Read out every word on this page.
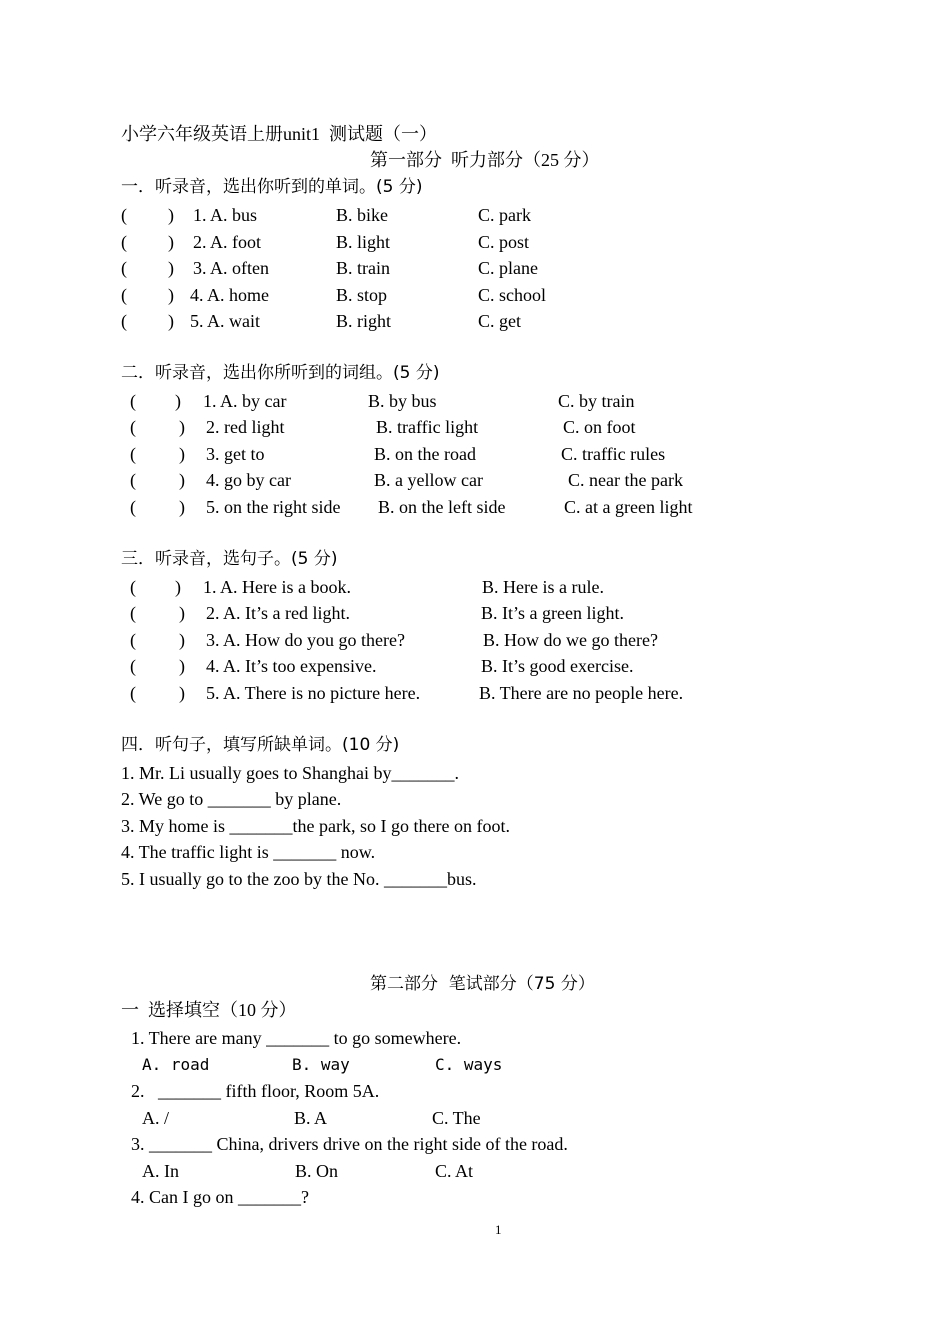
小学六年级英语上册unit1  测试题（一）
第一部分  听力部分（25 分）
一．听录音，选出你听到的单词。(5 分)
( ) 1. A. bus	B. bike	C. park
( ) 2. A. foot	B. light	C. post
( ) 3. A. often	B. train	C. plane
( ) 4. A. home	B. stop	C. school
( ) 5. A. wait	B. right	C. get
二．听录音，选出你所听到的词组。(5 分)
( ) 1. A. by car	B. by bus	C. by train
( ) 2. red light	B. traffic light	C. on foot
( ) 3. get to	B. on the road	C. traffic rules
( ) 4. go by car	B. a yellow car	C. near the park
( ) 5. on the right side B. on the left side	C. at a green light
三．听录音，选句子。(5 分)
( ) 1. A. Here is a book.	B. Here is a rule.
( ) 2. A. It’s a red light.	B. It’s a green light.
( ) 3. A. How do you go there?	B. How do we go there?
( ) 4. A. It’s too expensive.	B. It’s good exercise.
( ) 5. A. There is no picture here.	B. There are no people here.
四．听句子，填写所缺单词。(10 分)
1. Mr. Li usually goes to Shanghai by_______.
2. We go to _______ by plane.
3. My home is _______the park, so I go there on foot.
4. The traffic light is _______ now.
5. I usually go to the zoo by the No. _______bus.
第二部分  笔试部分（75 分）
一  选择填空（10 分）
1. There are many _______ to go somewhere.
A. road	B. way	C. ways
2.   _______ fifth floor, Room 5A.
A. /	B. A	C. The
3. _______ China, drivers drive on the right side of the road.
A. In	B. On	C. At
4. Can I go on _______?
1
